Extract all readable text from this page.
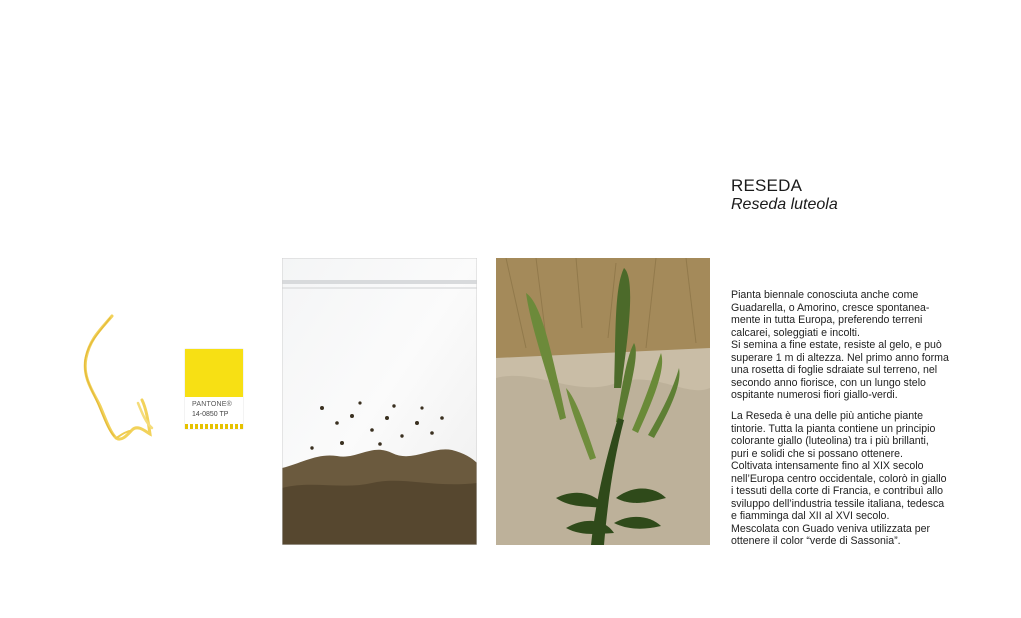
PANTONE®
14-0850 TP
RESEDA
Reseda luteola
Pianta biennale conosciuta anche come
Guadarella, o Amorino, cresce spontanea-
mente in tutta Europa, preferendo terreni
calcarei, soleggiati e incolti.
Si semina a fine estate, resiste al gelo, e può
superare 1 m di altezza. Nel primo anno forma
una rosetta di foglie sdraiate sul terreno, nel
secondo anno fiorisce, con un lungo stelo
ospitante numerosi fiori giallo-verdi.
La Reseda è una delle più antiche piante
tintorie. Tutta la pianta contiene un principio
colorante giallo (luteolina) tra i più brillanti,
puri e solidi che si possano ottenere.
Coltivata intensamente fino al XIX secolo
nell’Europa centro occidentale, colorò in giallo
i tessuti della corte di Francia, e contribuì allo
sviluppo dell’industria tessile italiana, tedesca
e fiamminga dal XII al XVI secolo.
Mescolata con Guado veniva utilizzata per
ottenere il color “verde di Sassonia”.
